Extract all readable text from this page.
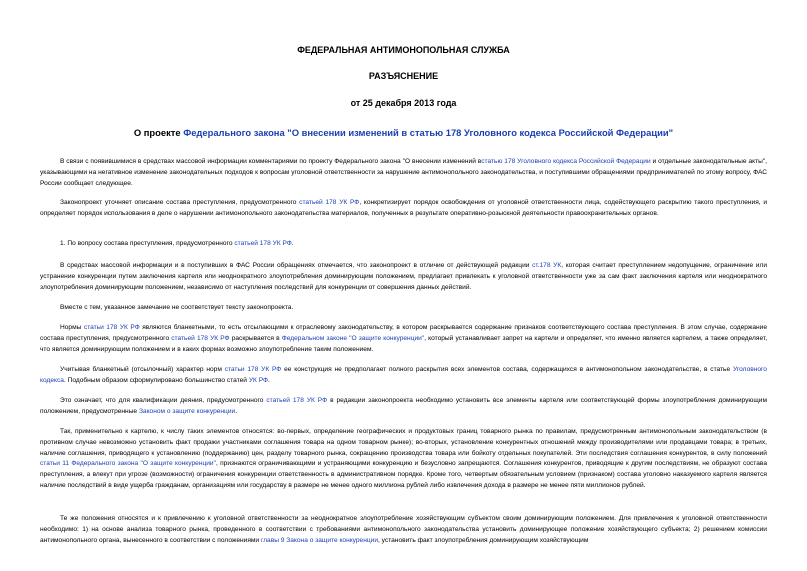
ФЕДЕРАЛЬНАЯ АНТИМОНОПОЛЬНАЯ СЛУЖБА
РАЗЪЯСНЕНИЕ
от 25 декабря 2013 года
О проекте Федерального закона "О внесении изменений в статью 178 Уголовного кодекса Российской Федерации"
В связи с появившимися в средствах массовой информации комментариями по проекту Федерального закона "О внесении изменений встатью 178 Уголовного кодекса Российской Федерации и отдельные законодательные акты", указывающими на негативное изменение законодательных подходов к вопросам уголовной ответственности за нарушение антимонопольного законодательства, и поступившими обращениями предпринимателей по этому вопросу, ФАС России сообщает следующее.
Законопроект уточняет описание состава преступления, предусмотренного статьей 178 УК РФ, конкретизирует порядок освобождения от уголовной ответственности лица, содействующего раскрытию такого преступления, и определяет порядок использования в деле о нарушении антимонопольного законодательства материалов, полученных в результате оперативно-розыскной деятельности правоохранительных органов.
1. По вопросу состава преступления, предусмотренного статьей 178 УК РФ.
В средствах массовой информации и в поступивших в ФАС России обращениях отмечается, что законопроект в отличие от действующей редакции ст.178 УК, которая считает преступлением недопущение, ограничение или устранение конкуренции путем заключения картеля или неоднократного злоупотребления доминирующим положением, предлагает привлекать к уголовной ответственности уже за сам факт заключения картеля или неоднократного злоупотребления доминирующим положением, независимо от наступления последствий для конкуренции от совершения данных действий.
Вместе с тем, указанное замечание не соответствует тексту законопроекта.
Нормы статьи 178 УК РФ являются бланкетными, то есть отсылающими к отраслевому законодательству, в котором раскрывается содержание признаков соответствующего состава преступления. В этом случае, содержание состава преступления, предусмотренного статьей 178 УК РФ раскрывается в Федеральном законе "О защите конкуренции", который устанавливает запрет на картели и определяет, что именно является картелем, а также определяет, что является доминирующим положением и в каких формах возможно злоупотребление таким положением.
Учитывая бланкетный (отсылочный) характер норм статьи 178 УК РФ ее конструкция не предполагает полного раскрытия всех элементов состава, содержащихся в антимонопольном законодательстве, в статье Уголовного кодекса. Подобным образом сформулировано большинство статей УК РФ.
Это означает, что для квалификации деяния, предусмотренного статьей 178 УК РФ в редакции законопроекта необходимо установить все элементы картеля или соответствующей формы злоупотребления доминирующим положением, предусмотренные Законом о защите конкуренции.
Так, применительно к картелю, к числу таких элементов относятся: во-первых, определение географических и продуктовых границ товарного рынка по правилам, предусмотренным антимонопольным законодательством (в противном случае невозможно установить факт продажи участниками соглашения товара на одном товарном рынке); во-вторых, установление конкурентных отношений между производителями или продавцами товара; в третьих, наличие соглашения, приводящего к установлению (поддержанию) цен, разделу товарного рынка, сокращению производства товара или бойкоту отдельных покупателей. Эти последствия соглашения конкурентов, в силу положений статьи 11 Федерального закона "О защите конкуренции", признаются ограничивающими и устраняющими конкуренцию и безусловно запрещаются. Соглашения конкурентов, приводящие к другим последствиям, не образуют состава преступления, а влекут при угрозе (возможности) ограничения конкуренции ответственность в административном порядке. Кроме того, четвертым обязательным условием (признаком) состава уголовно наказуемого картеля является наличие последствий в виде ущерба гражданам, организациям или государству в размере не менее одного миллиона рублей либо извлечения дохода в размере не менее пяти миллионов рублей.
Те же положения относятся и к привлечению к уголовной ответственности за неоднократное злоупотребление хозяйствующим субъектом своим доминирующим положением. Для привлечения к уголовной ответственности необходимо: 1) на основе анализа товарного рынка, проведенного в соответствии с требованиями антимонопольного законодательства установить доминирующее положение хозяйствующего субъекта; 2) решением комиссии антимонопольного органа, вынесенного в соответствии с положениями главы 9 Закона о защите конкуренции, установить факт злоупотребления доминирующим хозяйствующим
